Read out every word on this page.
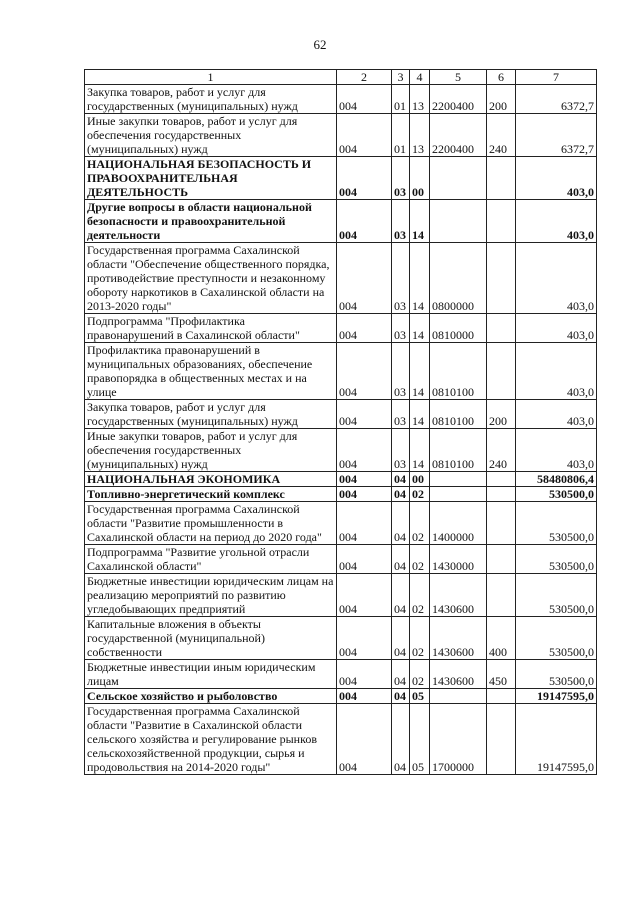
62
1	2	3	4	5	6	7
Закупка товаров, работ и услуг для государственных (муниципальных) нужд	004	01	13	2200400	200	6372,7
Иные закупки товаров, работ и услуг для обеспечения государственных (муниципальных) нужд	004	01	13	2200400	240	6372,7
НАЦИОНАЛЬНАЯ БЕЗОПАСНОСТЬ И ПРАВООХРАНИТЕЛЬНАЯ ДЕЯТЕЛЬНОСТЬ	004	03	00			403,0
Другие вопросы в области национальной безопасности и правоохранительной деятельности	004	03	14			403,0
Государственная программа Сахалинской области "Обеспечение общественного порядка, противодействие преступности и незаконному обороту наркотиков в Сахалинской области на 2013-2020 годы"	004	03	14	0800000		403,0
Подпрограмма "Профилактика правонарушений в Сахалинской области"	004	03	14	0810000		403,0
Профилактика правонарушений в муниципальных образованиях, обеспечение правопорядка в общественных местах и на улице	004	03	14	0810100		403,0
Закупка товаров, работ и услуг для государственных (муниципальных) нужд	004	03	14	0810100	200	403,0
Иные закупки товаров, работ и услуг для обеспечения государственных (муниципальных) нужд	004	03	14	0810100	240	403,0
НАЦИОНАЛЬНАЯ ЭКОНОМИКА	004	04	00			58480806,4
Топливно-энергетический комплекс	004	04	02			530500,0
Государственная программа Сахалинской области "Развитие промышленности в Сахалинской области на период до 2020 года"	004	04	02	1400000		530500,0
Подпрограмма "Развитие угольной отрасли Сахалинской области"	004	04	02	1430000		530500,0
Бюджетные инвестиции юридическим лицам на реализацию мероприятий по развитию угледобывающих предприятий	004	04	02	1430600		530500,0
Капитальные вложения в объекты государственной (муниципальной) собственности	004	04	02	1430600	400	530500,0
Бюджетные инвестиции иным юридическим лицам	004	04	02	1430600	450	530500,0
Сельское хозяйство и рыболовство	004	04	05			19147595,0
Государственная программа Сахалинской области "Развитие в Сахалинской области сельского хозяйства и регулирование рынков сельскохозяйственной продукции, сырья и продовольствия на 2014-2020 годы"	004	04	05	1700000		19147595,0
